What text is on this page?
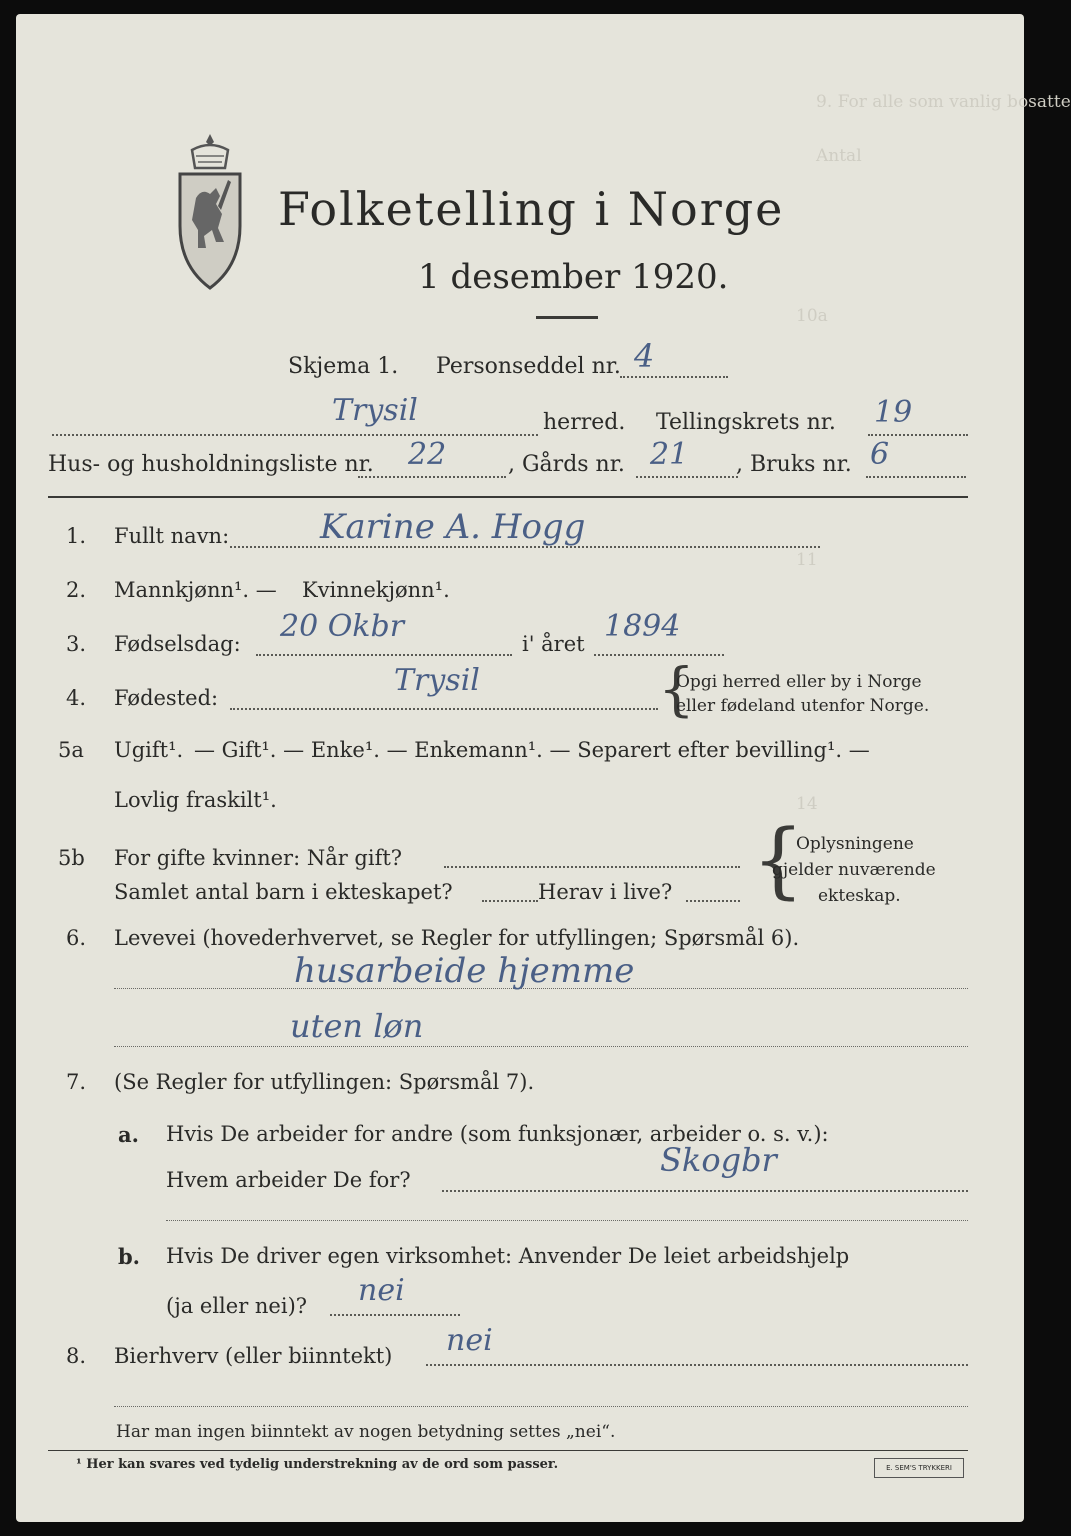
9. For alle som vanlig bosatte
Antal
10a
11
14
Folketelling i Norge
1 desember 1920.
Skjema 1. Personseddel nr. 4
Trysil	herred. Tellingskrets nr. 19
Hus- og husholdningsliste nr. 22	, Gårds nr. 21 , Bruks nr. 6
1. Fullt navn:	Karine A. Hogg
2. Mannkjønn¹. — Kvinnekjønn¹.
3. Fødselsdag: 20 Okbr	i' året 1894
4. Fødested:	Trysil	{
Opgi herred eller by i Norge
eller fødeland utenfor Norge.
5a Ugift¹. — Gift¹. — Enke¹. — Enkemann¹. — Separert efter bevilling¹. —
Lovlig fraskilt¹.
5b For gifte kvinner: Når gift?
Samlet antal barn i ekteskapet?	Herav i live? {
Oplysningene
gjelder nuværende
ekteskap.
6. Levevei (hovederhvervet, se Regler for utfyllingen; Spørsmål 6).
husarbeide hjemme
uten løn
7. (Se Regler for utfyllingen: Spørsmål 7).
a. Hvis De arbeider for andre (som funksjonær, arbeider o. s. v.):
Hvem arbeider De for?
Skogbr
b. Hvis De driver egen virksomhet: Anvender De leiet arbeidshjelp
(ja eller nei)? nei
8. Bierhverv (eller biinntekt) nei
Har man ingen biinntekt av nogen betydning settes „nei“.
¹ Her kan svares ved tydelig understrekning av de ord som passer.	E. SEM'S TRYKKERI
